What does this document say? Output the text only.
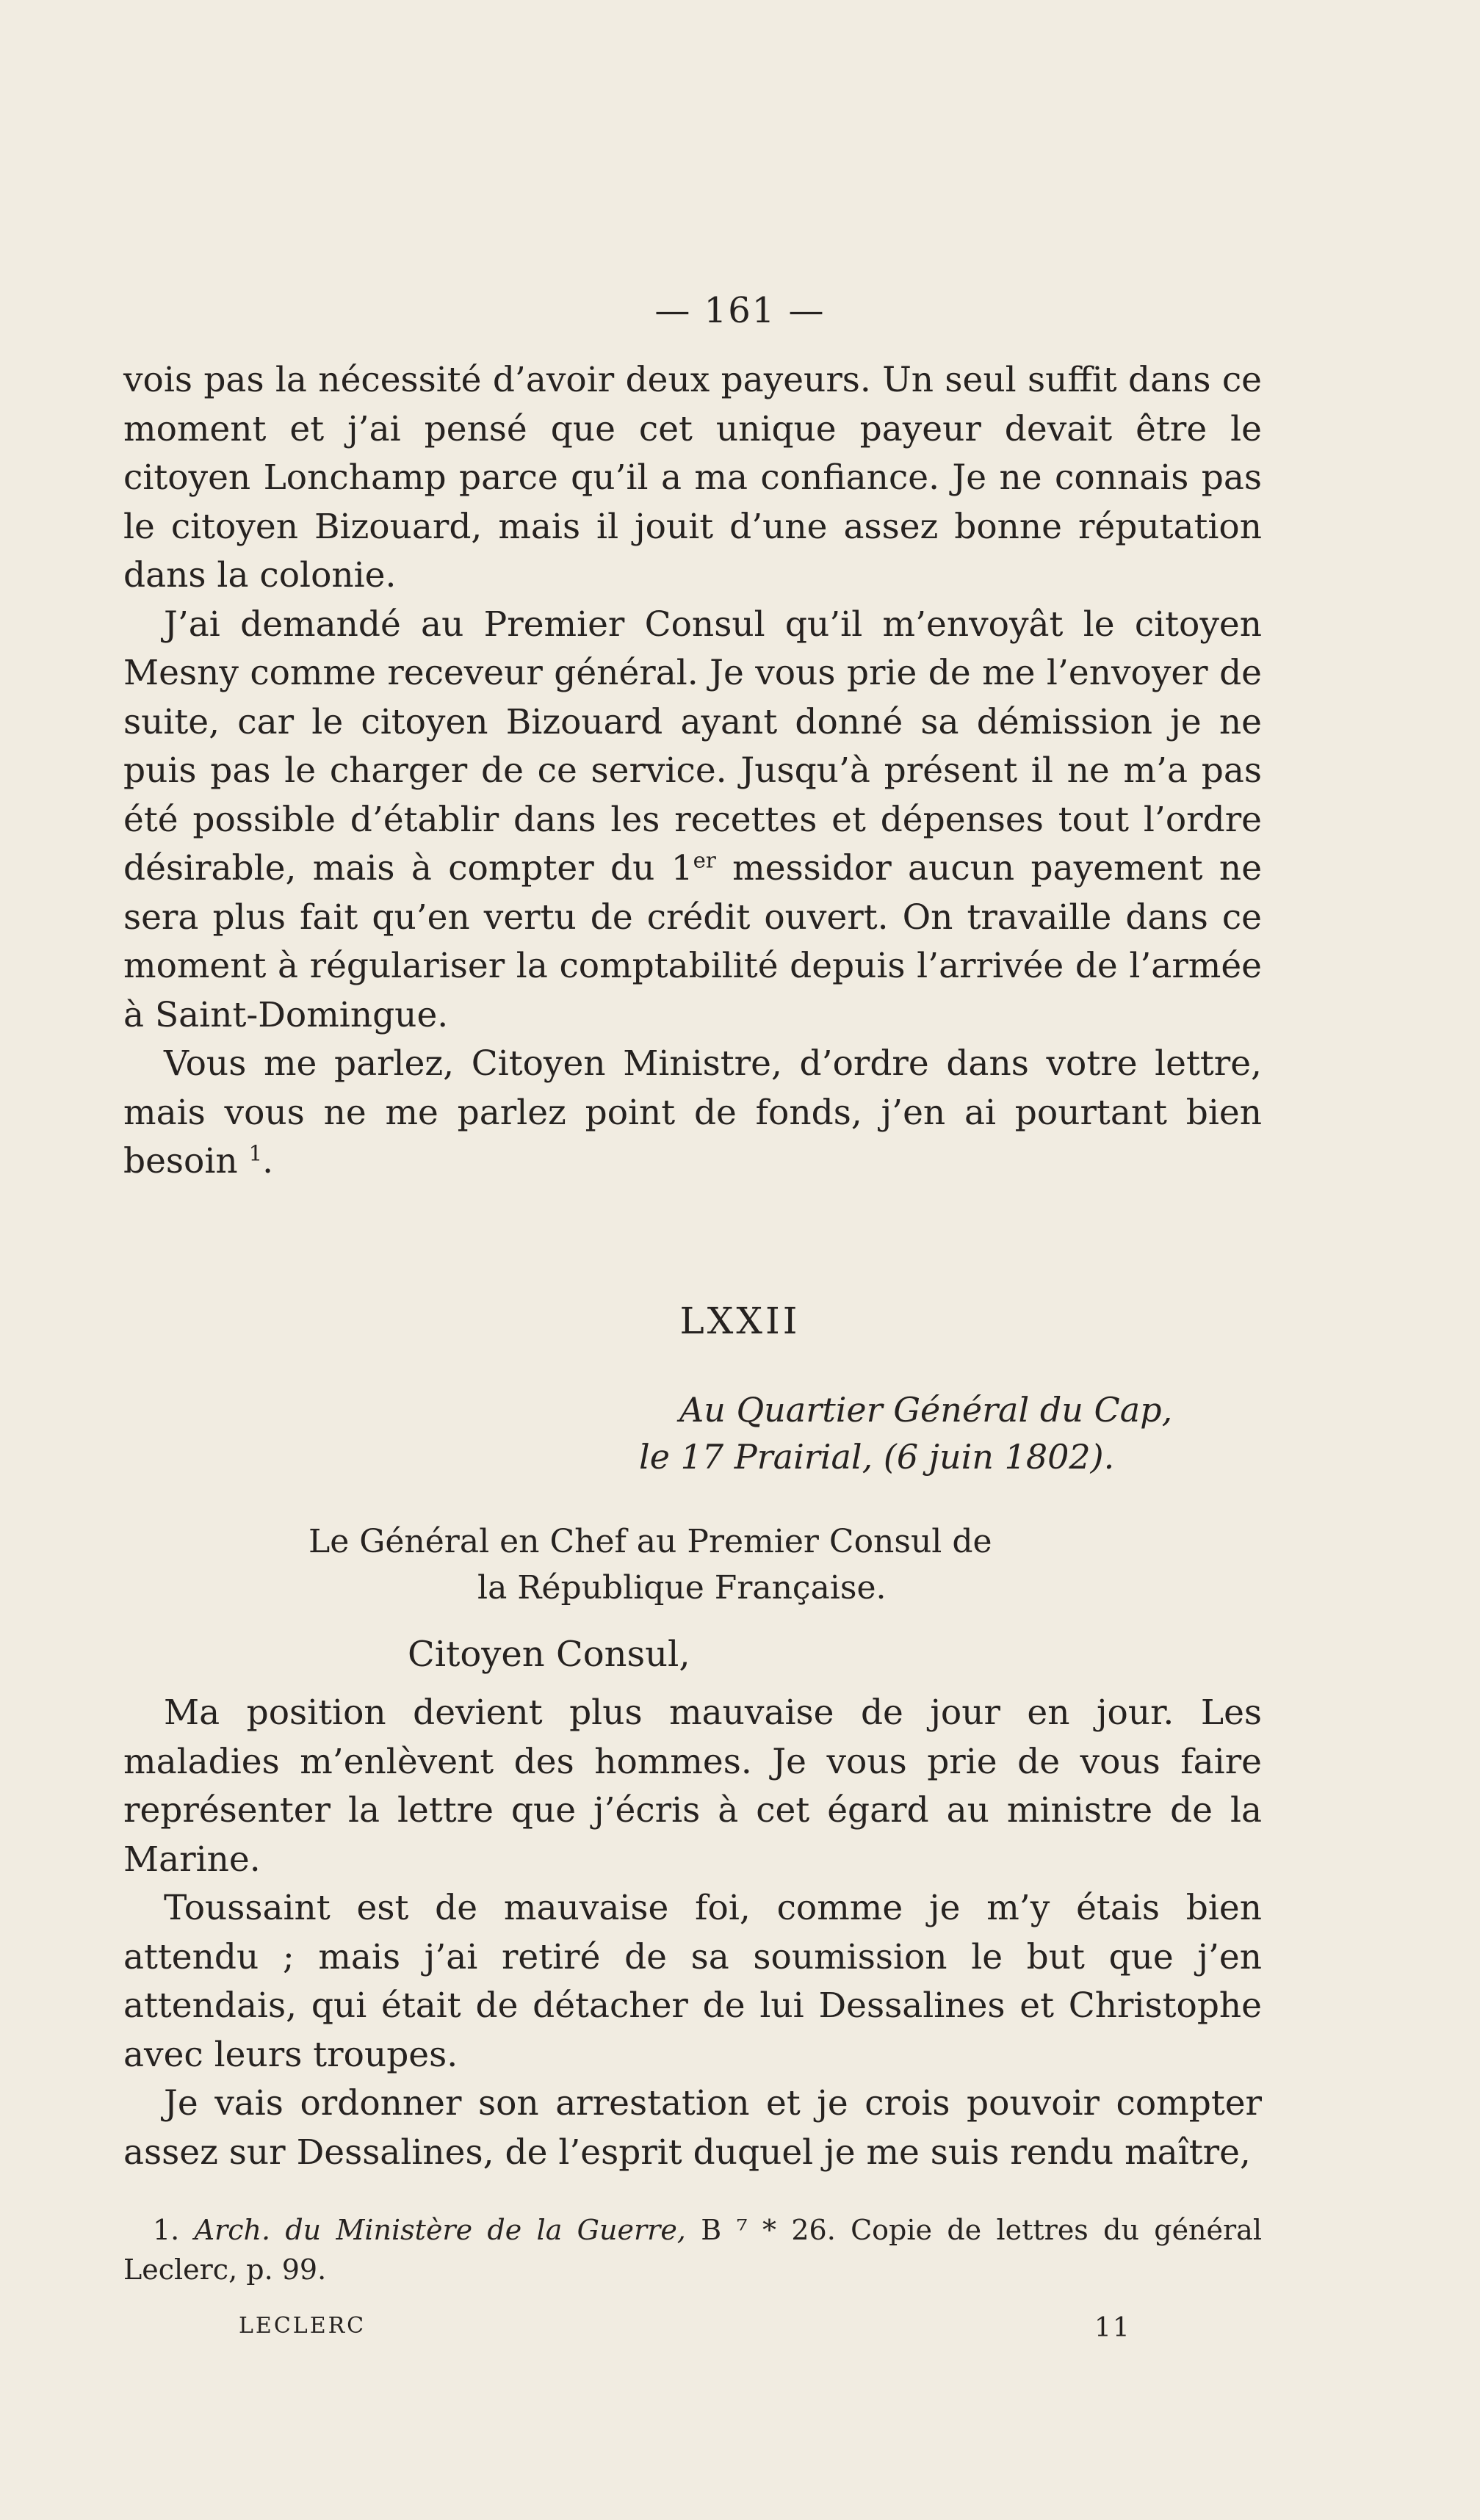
— 161 —

vois pas la nécessité d’avoir deux payeurs. Un seul suffit dans ce moment et j’ai pensé que cet unique payeur devait être le citoyen Lonchamp parce qu’il a ma confiance. Je ne connais pas le citoyen Bizouard, mais il jouit d’une assez bonne réputation dans la colonie.

J’ai demandé au Premier Consul qu’il m’envoyât le citoyen Mesny comme receveur général. Je vous prie de me l’envoyer de suite, car le citoyen Bizouard ayant donné sa démission je ne puis pas le charger de ce service. Jusqu’à présent il ne m’a pas été possible d’établir dans les recettes et dépenses tout l’ordre désirable, mais à compter du 1er messidor aucun payement ne sera plus fait qu’en vertu de crédit ouvert. On travaille dans ce moment à régulariser la comptabilité depuis l’arrivée de l’armée à Saint-Domingue.

Vous me parlez, Citoyen Ministre, d’ordre dans votre lettre, mais vous ne me parlez point de fonds, j’en ai pourtant bien besoin $^1$.

LXXII
Au Quartier Général du Cap,
le 17 Prairial, (6 juin 1802).
Le Général en Chef au Premier Consul de
la République Française.
Citoyen Consul,

Ma position devient plus mauvaise de jour en jour. Les maladies m’enlèvent des hommes. Je vous prie de vous faire représenter la lettre que j’écris à cet égard au ministre de la Marine.

Toussaint est de mauvaise foi, comme je m’y étais bien attendu ; mais j’ai retiré de sa soumission le but que j’en attendais, qui était de détacher de lui Dessalines et Christophe avec leurs troupes.

Je vais ordonner son arrestation et je crois pouvoir compter assez sur Dessalines, de l’esprit duquel je me suis rendu maître,

1. Arch. du Ministère de la Guerre, B ⁷ * 26. Copie de lettres du général Leclerc, p. 99.
LECLERC	11
